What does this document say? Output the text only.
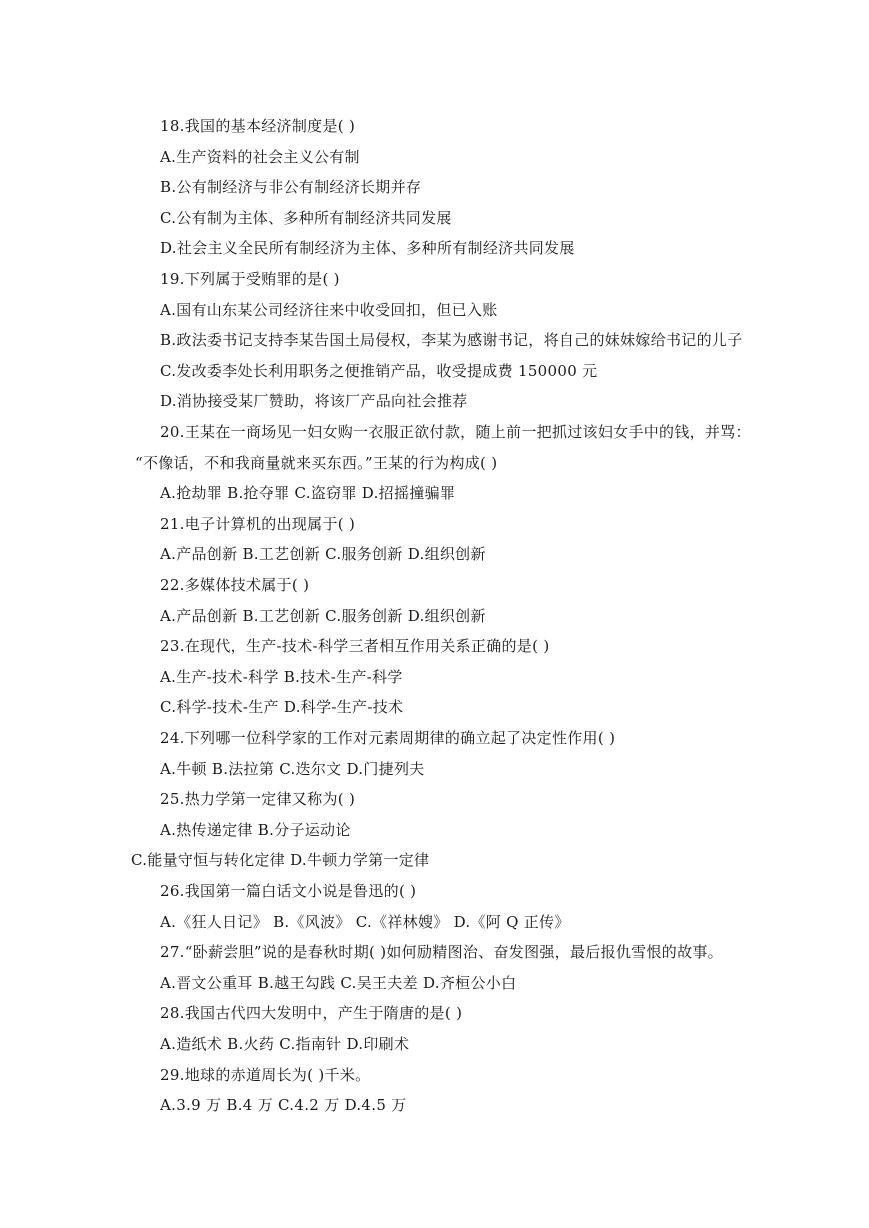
18.我国的基本经济制度是( )
A.生产资料的社会主义公有制
B.公有制经济与非公有制经济长期并存
C.公有制为主体、多种所有制经济共同发展
D.社会主义全民所有制经济为主体、多种所有制经济共同发展
19.下列属于受贿罪的是( )
A.国有山东某公司经济往来中收受回扣，但已入账
B.政法委书记支持李某告国土局侵权，李某为感谢书记，将自己的妹妹嫁给书记的儿子
C.发改委李处长利用职务之便推销产品，收受提成费 150000 元
D.消协接受某厂赞助，将该厂产品向社会推荐
20.王某在一商场见一妇女购一衣服正欲付款，随上前一把抓过该妇女手中的钱，并骂：
“不像话，不和我商量就来买东西。”王某的行为构成( )
A.抢劫罪 B.抢夺罪 C.盗窃罪 D.招摇撞骗罪
21.电子计算机的出现属于( )
A.产品创新 B.工艺创新 C.服务创新 D.组织创新
22.多媒体技术属于( )
A.产品创新 B.工艺创新 C.服务创新 D.组织创新
23.在现代，生产-技术-科学三者相互作用关系正确的是( )
A.生产-技术-科学 B.技术-生产-科学
C.科学-技术-生产 D.科学-生产-技术
24.下列哪一位科学家的工作对元素周期律的确立起了决定性作用( )
A.牛顿 B.法拉第 C.迭尔文 D.门捷列夫
25.热力学第一定律又称为( )
A.热传递定律 B.分子运动论
C.能量守恒与转化定律 D.牛顿力学第一定律
26.我国第一篇白话文小说是鲁迅的( )
A.《狂人日记》 B.《风波》 C.《祥林嫂》 D.《阿 Q 正传》
27.“卧薪尝胆”说的是春秋时期( )如何励精图治、奋发图强，最后报仇雪恨的故事。
A.晋文公重耳 B.越王勾践 C.吴王夫差 D.齐桓公小白
28.我国古代四大发明中，产生于隋唐的是( )
A.造纸术 B.火药 C.指南针 D.印刷术
29.地球的赤道周长为( )千米。
A.3.9 万 B.4 万 C.4.2 万 D.4.5 万
